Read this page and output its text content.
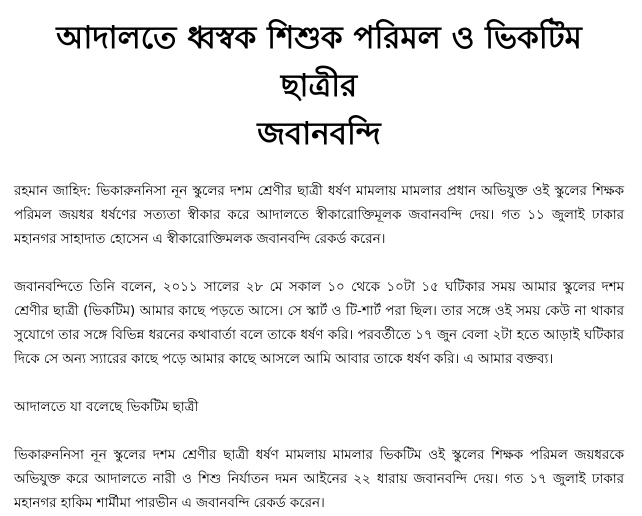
আদালতে ধ্বস্বক শিশুক পরিমল ও ভিকটিম ছাত্রীর
জবানবন্দি

রহমান জাহিদ: ভিকারুননিসা নূন স্কুলের দশম শ্রেণীর ছাত্রী ধর্ষণ মামলায় মামলার প্রধান অভিযুক্ত ওই স্কুলের শিক্ষক পরিমল জয়ধর ধর্ষণের সত্যতা স্বীকার করে আদালতে স্বীকারোক্তিমূলক জবানবন্দি দেয়। গত ১১ জুলাই ঢাকার মহানগর সাহাদাত হোসেন এ স্বীকারোক্তিমলক জবানবন্দি রেকর্ড করেন।

জবানবন্দিতে তিনি বলেন, ২০১১ সালের ২৮ মে সকাল ১০ থেকে ১০টা ১৫ ঘটিকার সময় আমার স্কুলের দশম শ্রেণীর ছাত্রী (ভিকটিম) আমার কাছে পড়তে আসে। সে স্কার্ট ও টি-শার্ট পরা ছিল। তার সঙ্গে ওই সময় কেউ না থাকার সুযোগে তার সঙ্গে বিভিন্ন ধরনের কথাবার্তা বলে তাকে ধর্ষণ করি। পরবর্তীতে ১৭ জুন বেলা ২টা হতে আড়াই ঘটিকার দিকে সে অন্য স্যারের কাছে পড়ে আমার কাছে আসলে আমি আবার তাকে ধর্ষণ করি। এ আমার বক্তব্য।

আদালতে যা বলেছে ভিকটিম ছাত্রী

ভিকারুননিসা নূন স্কুলের দশম শ্রেণীর ছাত্রী ধর্ষণ মামলায় মামলার ভিকটিম ওই স্কুলের শিক্ষক পরিমল জয়ধরকে অভিযুক্ত করে আদালতে নারী ও শিশু নির্যাতন দমন আইনের ২২ ধারায় জবানবন্দি দেয়। গত ১৭ জুলাই ঢাকার মহানগর হাকিম শার্মীমা পারভীন এ জবানবন্দি রেকর্ড করেন।
